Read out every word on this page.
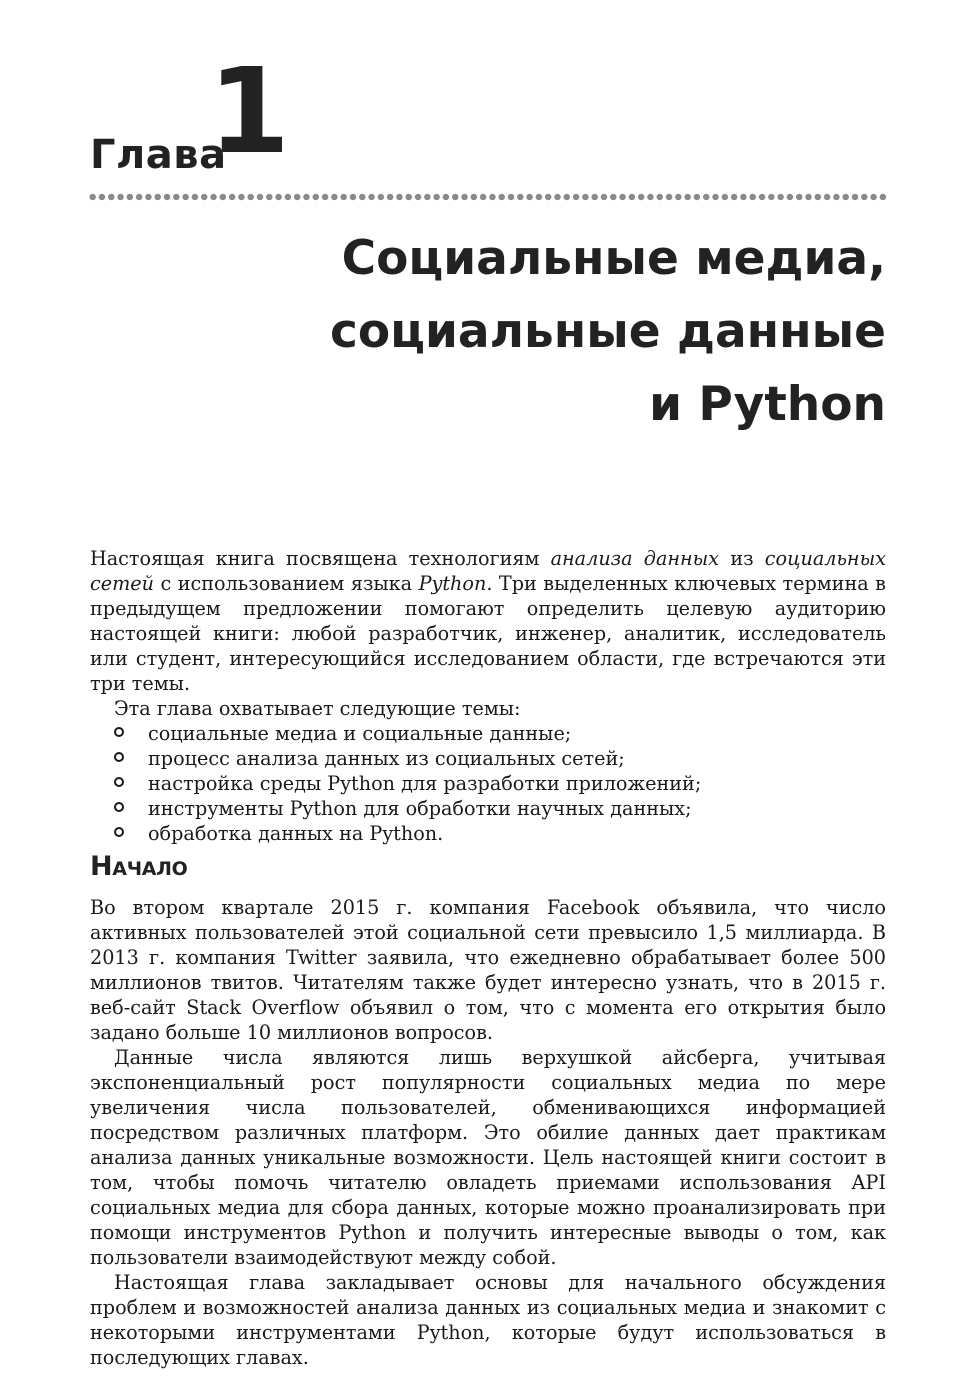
Глава
1
Социальные медиа,
социальные данные
и Python

Настоящая книга посвящена технологиям анализа данных из социальных сетей с использованием языка Python. Три выделенных ключевых термина в предыдущем предложении помогают определить целевую аудиторию настоящей книги: любой разработчик, инженер, аналитик, исследователь или студент, интересующийся исследованием области, где встречаются эти три темы.

Эта глава охватывает следующие темы:

социальные медиа и социальные данные;
процесс анализа данных из социальных сетей;
настройка среды Python для разработки приложений;
инструменты Python для обработки научных данных;
обработка данных на Python.
Начало

Во втором квартале 2015 г. компания Facebook объявила, что число активных пользователей этой социальной сети превысило 1,5 миллиарда. В 2013 г. компания Twitter заявила, что ежедневно обрабатывает более 500 миллионов твитов. Читателям также будет интересно узнать, что в 2015 г. веб-сайт Stack Overflow объявил о том, что с момента его открытия было задано больше 10 миллионов вопросов.

Данные числа являются лишь верхушкой айсберга, учитывая экспоненциальный рост популярности социальных медиа по мере увеличения числа пользователей, обменивающихся информацией посредством различных платформ. Это обилие данных дает практикам анализа данных уникальные возможности. Цель настоящей книги состоит в том, чтобы помочь читателю овладеть приемами использования API социальных медиа для сбора данных, которые можно проанализировать при помощи инструментов Python и получить интересные выводы о том, как пользователи взаимодействуют между собой.

Настоящая глава закладывает основы для начального обсуждения проблем и возможностей анализа данных из социальных медиа и знакомит с некоторыми инструментами Python, которые будут использоваться в последующих главах.
